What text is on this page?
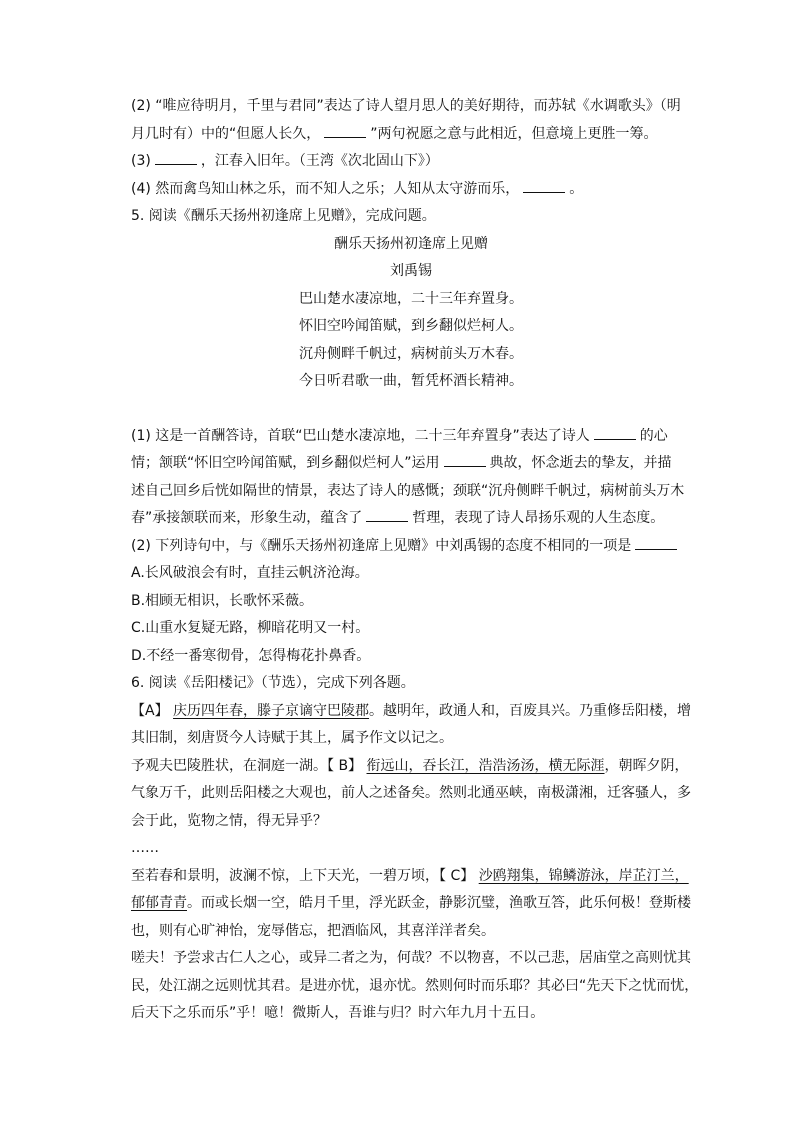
(2) “唯应待明月，千里与君同”表达了诗人望月思人的美好期待，而苏轼《水调歌头》（明
月几时有）中的“但愿人长久，	”两句祝愿之意与此相近，但意境上更胜一筹。
(3)	，江春入旧年。（王湾《次北固山下》）
(4) 然而禽鸟知山林之乐，而不知人之乐；人知从太守游而乐，	。
5. 阅读《酬乐天扬州初逢席上见赠》，完成问题。
酬乐天扬州初逢席上见赠
刘禹锡
巴山楚水凄凉地，二十三年弃置身。
怀旧空吟闻笛赋，到乡翻似烂柯人。
沉舟侧畔千帆过，病树前头万木春。
今日听君歌一曲，暂凭杯酒长精神。
(1) 这是一首酬答诗，首联“巴山楚水凄凉地，二十三年弃置身”表达了诗人	的心
情；颔联“怀旧空吟闻笛赋，到乡翻似烂柯人”运用	典故，怀念逝去的挚友，并描
述自己回乡后恍如隔世的情景，表达了诗人的感慨；颈联“沉舟侧畔千帆过，病树前头万木
春”承接颔联而来，形象生动，蕴含了	哲理，表现了诗人昂扬乐观的人生态度。
(2) 下列诗句中，与《酬乐天扬州初逢席上见赠》中刘禹锡的态度不相同的一项是
A.长风破浪会有时，直挂云帆济沧海。
B.相顾无相识，长歌怀采薇。
C.山重水复疑无路，柳暗花明又一村。
D.不经一番寒彻骨，怎得梅花扑鼻香。
6. 阅读《岳阳楼记》（节选），完成下列各题。
【A】 庆历四年春，滕子京谪守巴陵郡。越明年，政通人和，百废具兴。乃重修岳阳楼，增
其旧制，刻唐贤今人诗赋于其上，属予作文以记之。
予观夫巴陵胜状，在洞庭一湖。【 B】 衔远山，吞长江，浩浩汤汤，横无际涯，朝晖夕阴，
气象万千，此则岳阳楼之大观也，前人之述备矣。然则北通巫峡，南极潇湘，迁客骚人，多
会于此，览物之情，得无异乎？
……
至若春和景明，波澜不惊，上下天光，一碧万顷，【 C】 沙鸥翔集，锦鳞游泳，岸芷汀兰，
郁郁青青。而或长烟一空，皓月千里，浮光跃金，静影沉璧，渔歌互答，此乐何极！登斯楼
也，则有心旷神怡，宠辱偕忘，把酒临风，其喜洋洋者矣。
嗟夫！予尝求古仁人之心，或异二者之为，何哉？不以物喜，不以己悲，居庙堂之高则忧其
民，处江湖之远则忧其君。是进亦忧，退亦忧。然则何时而乐耶？其必曰“先天下之忧而忧，
后天下之乐而乐”乎！噫！微斯人，吾谁与归？时六年九月十五日。
